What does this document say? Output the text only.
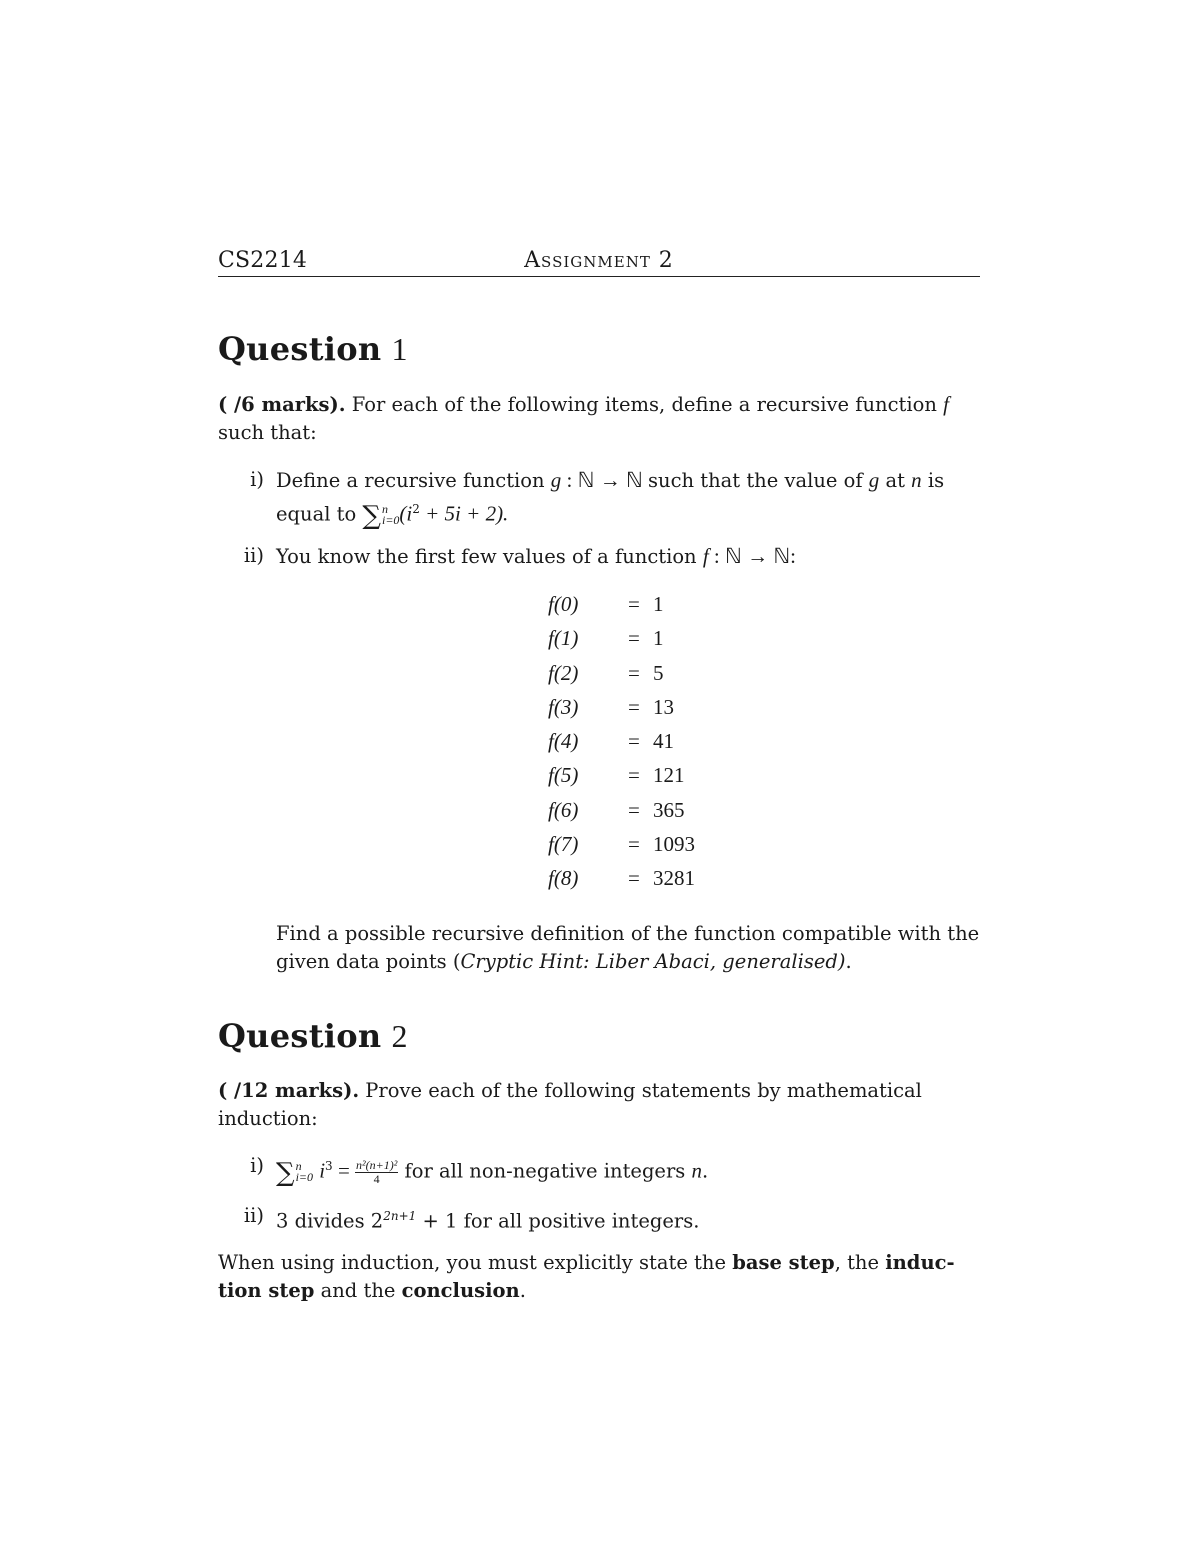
CS2214	Assignment 2
Question 1
( /6 marks). For each of the following items, define a recursive function f
such that:
i) Define a recursive function g : ℕ → ℕ such that the value of g at n is
equal to ∑ n
i=0 $(i^2 + 5i + 2)$.
ii) You know the first few values of a function f : ℕ → ℕ:
f(0) = 1
f(1) = 1
f(2) = 5
f(3) = 13
f(4) = 41
f(5) = 121
f(6) = 365
f(7) = 1093
f(8) = 3281
Find a possible recursive definition of the function compatible with the
given data points (Cryptic Hint: Liber Abaci, generalised).
Question 2
( /12 marks). Prove each of the following statements by mathematical
induction:
i) ∑ n
i=0 $i^3 = \frac{\text{n²(n+1)²}}{4}$ for all non-negative integers n.
ii) 3 divides $2^{2n+1} + 1$ for all positive integers.
When using induction, you must explicitly state the base step, the induc-
tion step and the conclusion.
